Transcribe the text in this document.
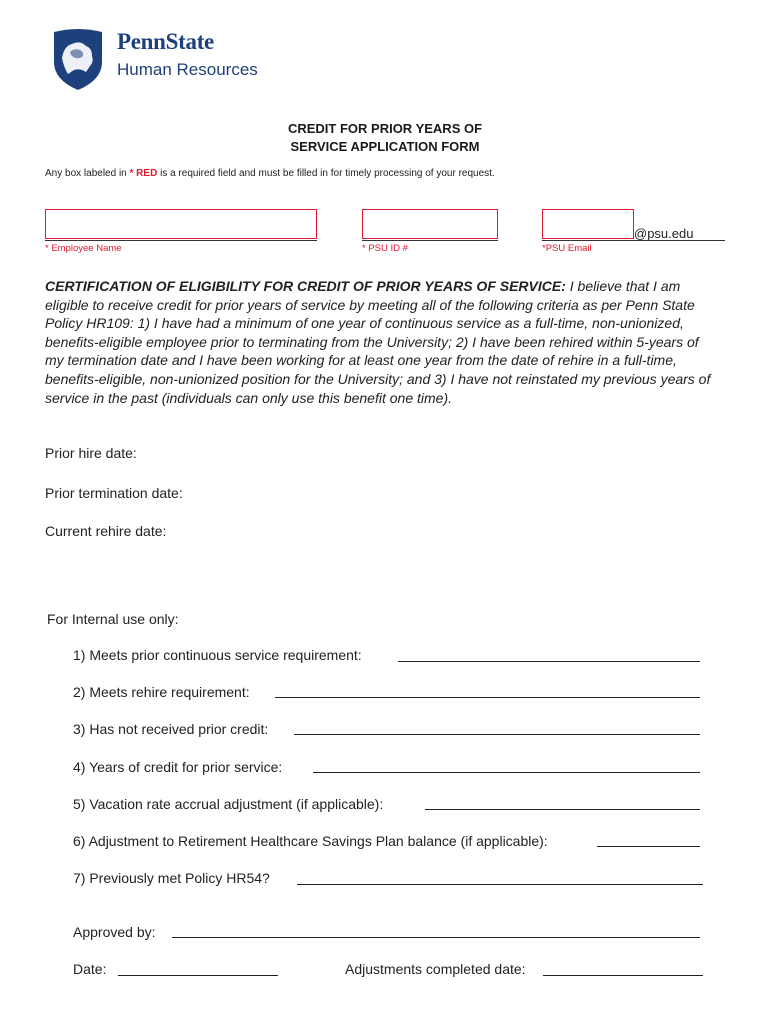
PennState
Human Resources
CREDIT FOR PRIOR YEARS OF
SERVICE APPLICATION FORM
Any box labeled in * RED is a required field and must be filled in for timely processing of your request.
* Employee Name	* PSU ID #
@psu.edu
*PSU Email
CERTIFICATION OF ELIGIBILITY FOR CREDIT OF PRIOR YEARS OF SERVICE: I believe that I am eligible to receive credit for prior years of service by meeting all of the following criteria as per Penn State Policy HR109: 1) I have had a minimum of one year of continuous service as a full-time, non-unionized, benefits-eligible employee prior to terminating from the University; 2) I have been rehired within 5-years of my termination date and I have been working for at least one year from the date of rehire in a full-time, benefits-eligible, non-unionized position for the University; and 3) I have not reinstated my previous years of service in the past (individuals can only use this benefit one time).
Prior hire date:
Prior termination date:
Current rehire date:
For Internal use only:
1) Meets prior continuous service requirement:
2) Meets rehire requirement:
3) Has not received prior credit:
4) Years of credit for prior service:
5) Vacation rate accrual adjustment (if applicable):
6) Adjustment to Retirement Healthcare Savings Plan balance (if applicable):
7) Previously met Policy HR54?
Approved by:
Date:	Adjustments completed date:
